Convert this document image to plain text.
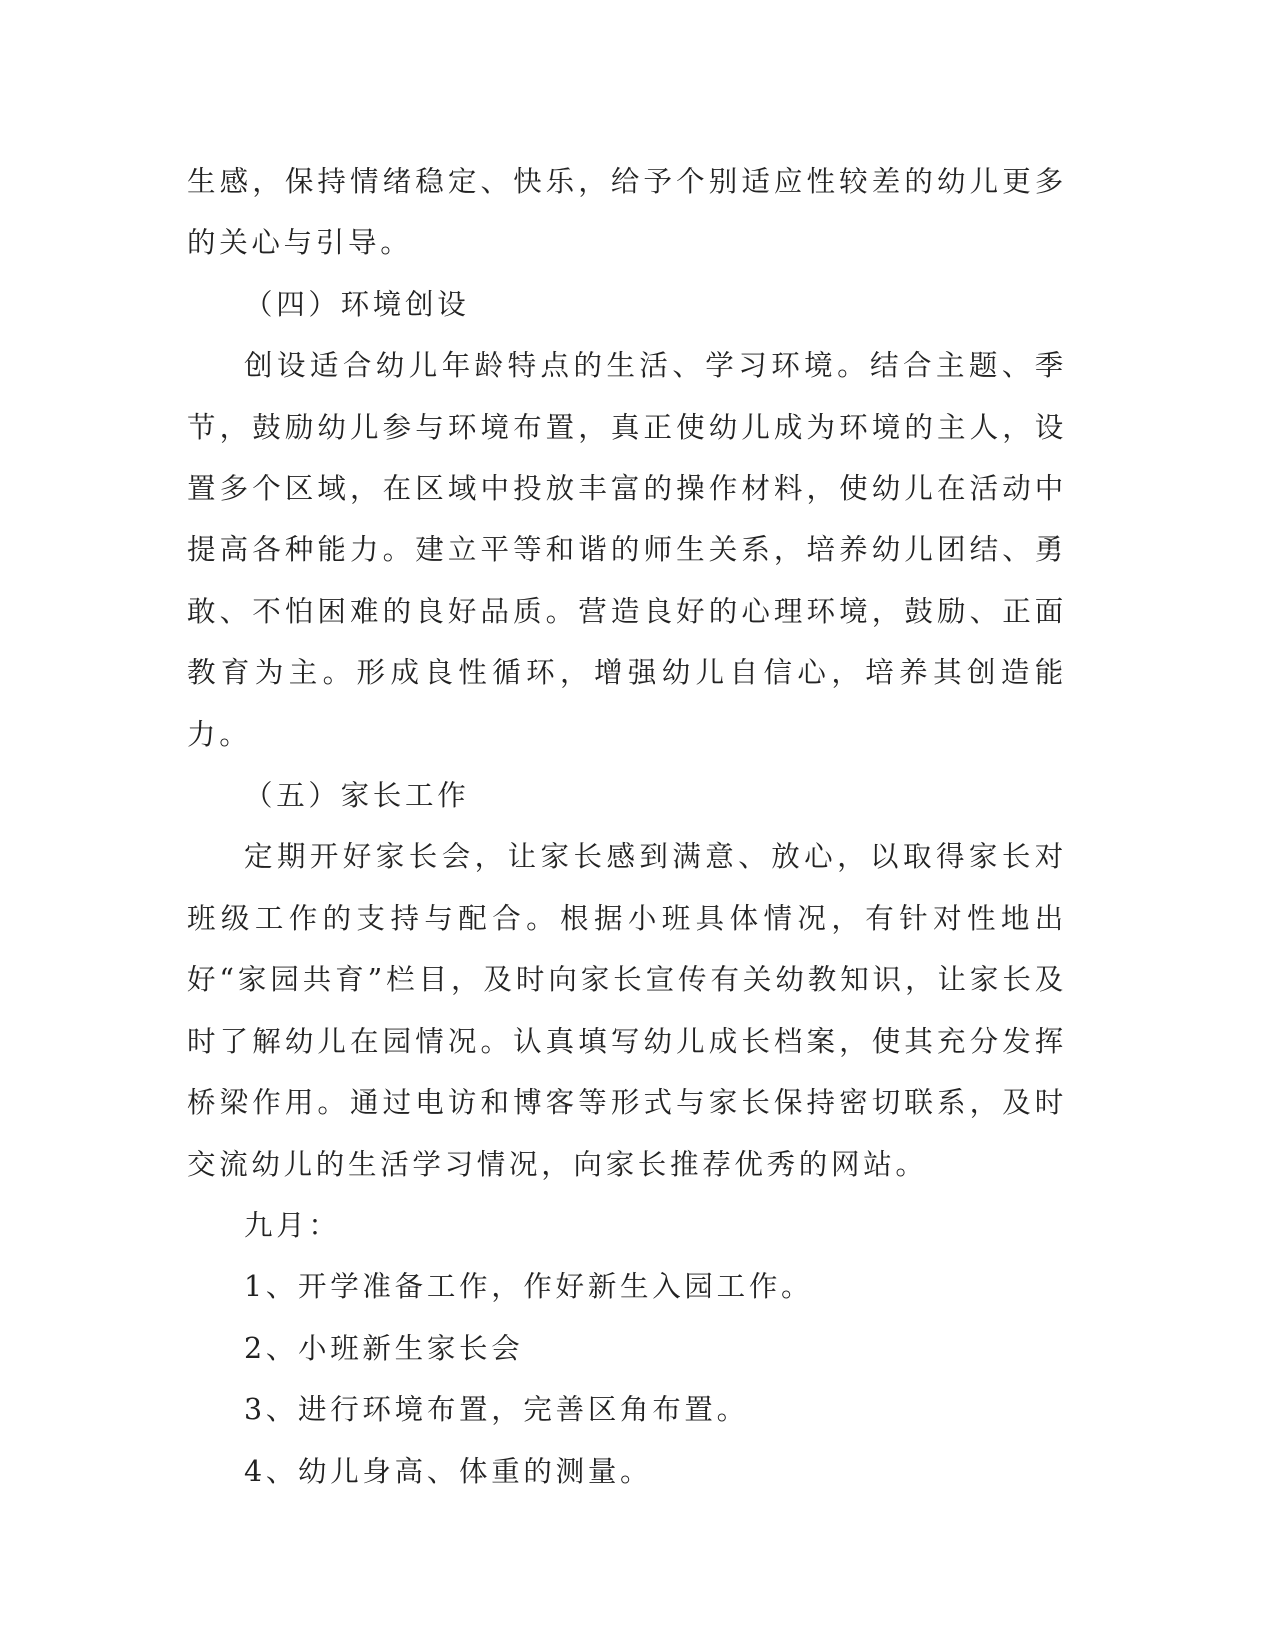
生感，保持情绪稳定、快乐，给予个别适应性较差的幼儿更多的关心与引导。

（四）环境创设

创设适合幼儿年龄特点的生活、学习环境。结合主题、季节，鼓励幼儿参与环境布置，真正使幼儿成为环境的主人，设置多个区域，在区域中投放丰富的操作材料，使幼儿在活动中提高各种能力。建立平等和谐的师生关系，培养幼儿团结、勇敢、不怕困难的良好品质。营造良好的心理环境，鼓励、正面教育为主。形成良性循环，增强幼儿自信心，培养其创造能力。

（五）家长工作

定期开好家长会，让家长感到满意、放心，以取得家长对班级工作的支持与配合。根据小班具体情况，有针对性地出好“家园共育”栏目，及时向家长宣传有关幼教知识，让家长及时了解幼儿在园情况。认真填写幼儿成长档案，使其充分发挥桥梁作用。通过电访和博客等形式与家长保持密切联系，及时交流幼儿的生活学习情况，向家长推荐优秀的网站。

九月：

1、开学准备工作，作好新生入园工作。

2、小班新生家长会

3、进行环境布置，完善区角布置。

4、幼儿身高、体重的测量。
